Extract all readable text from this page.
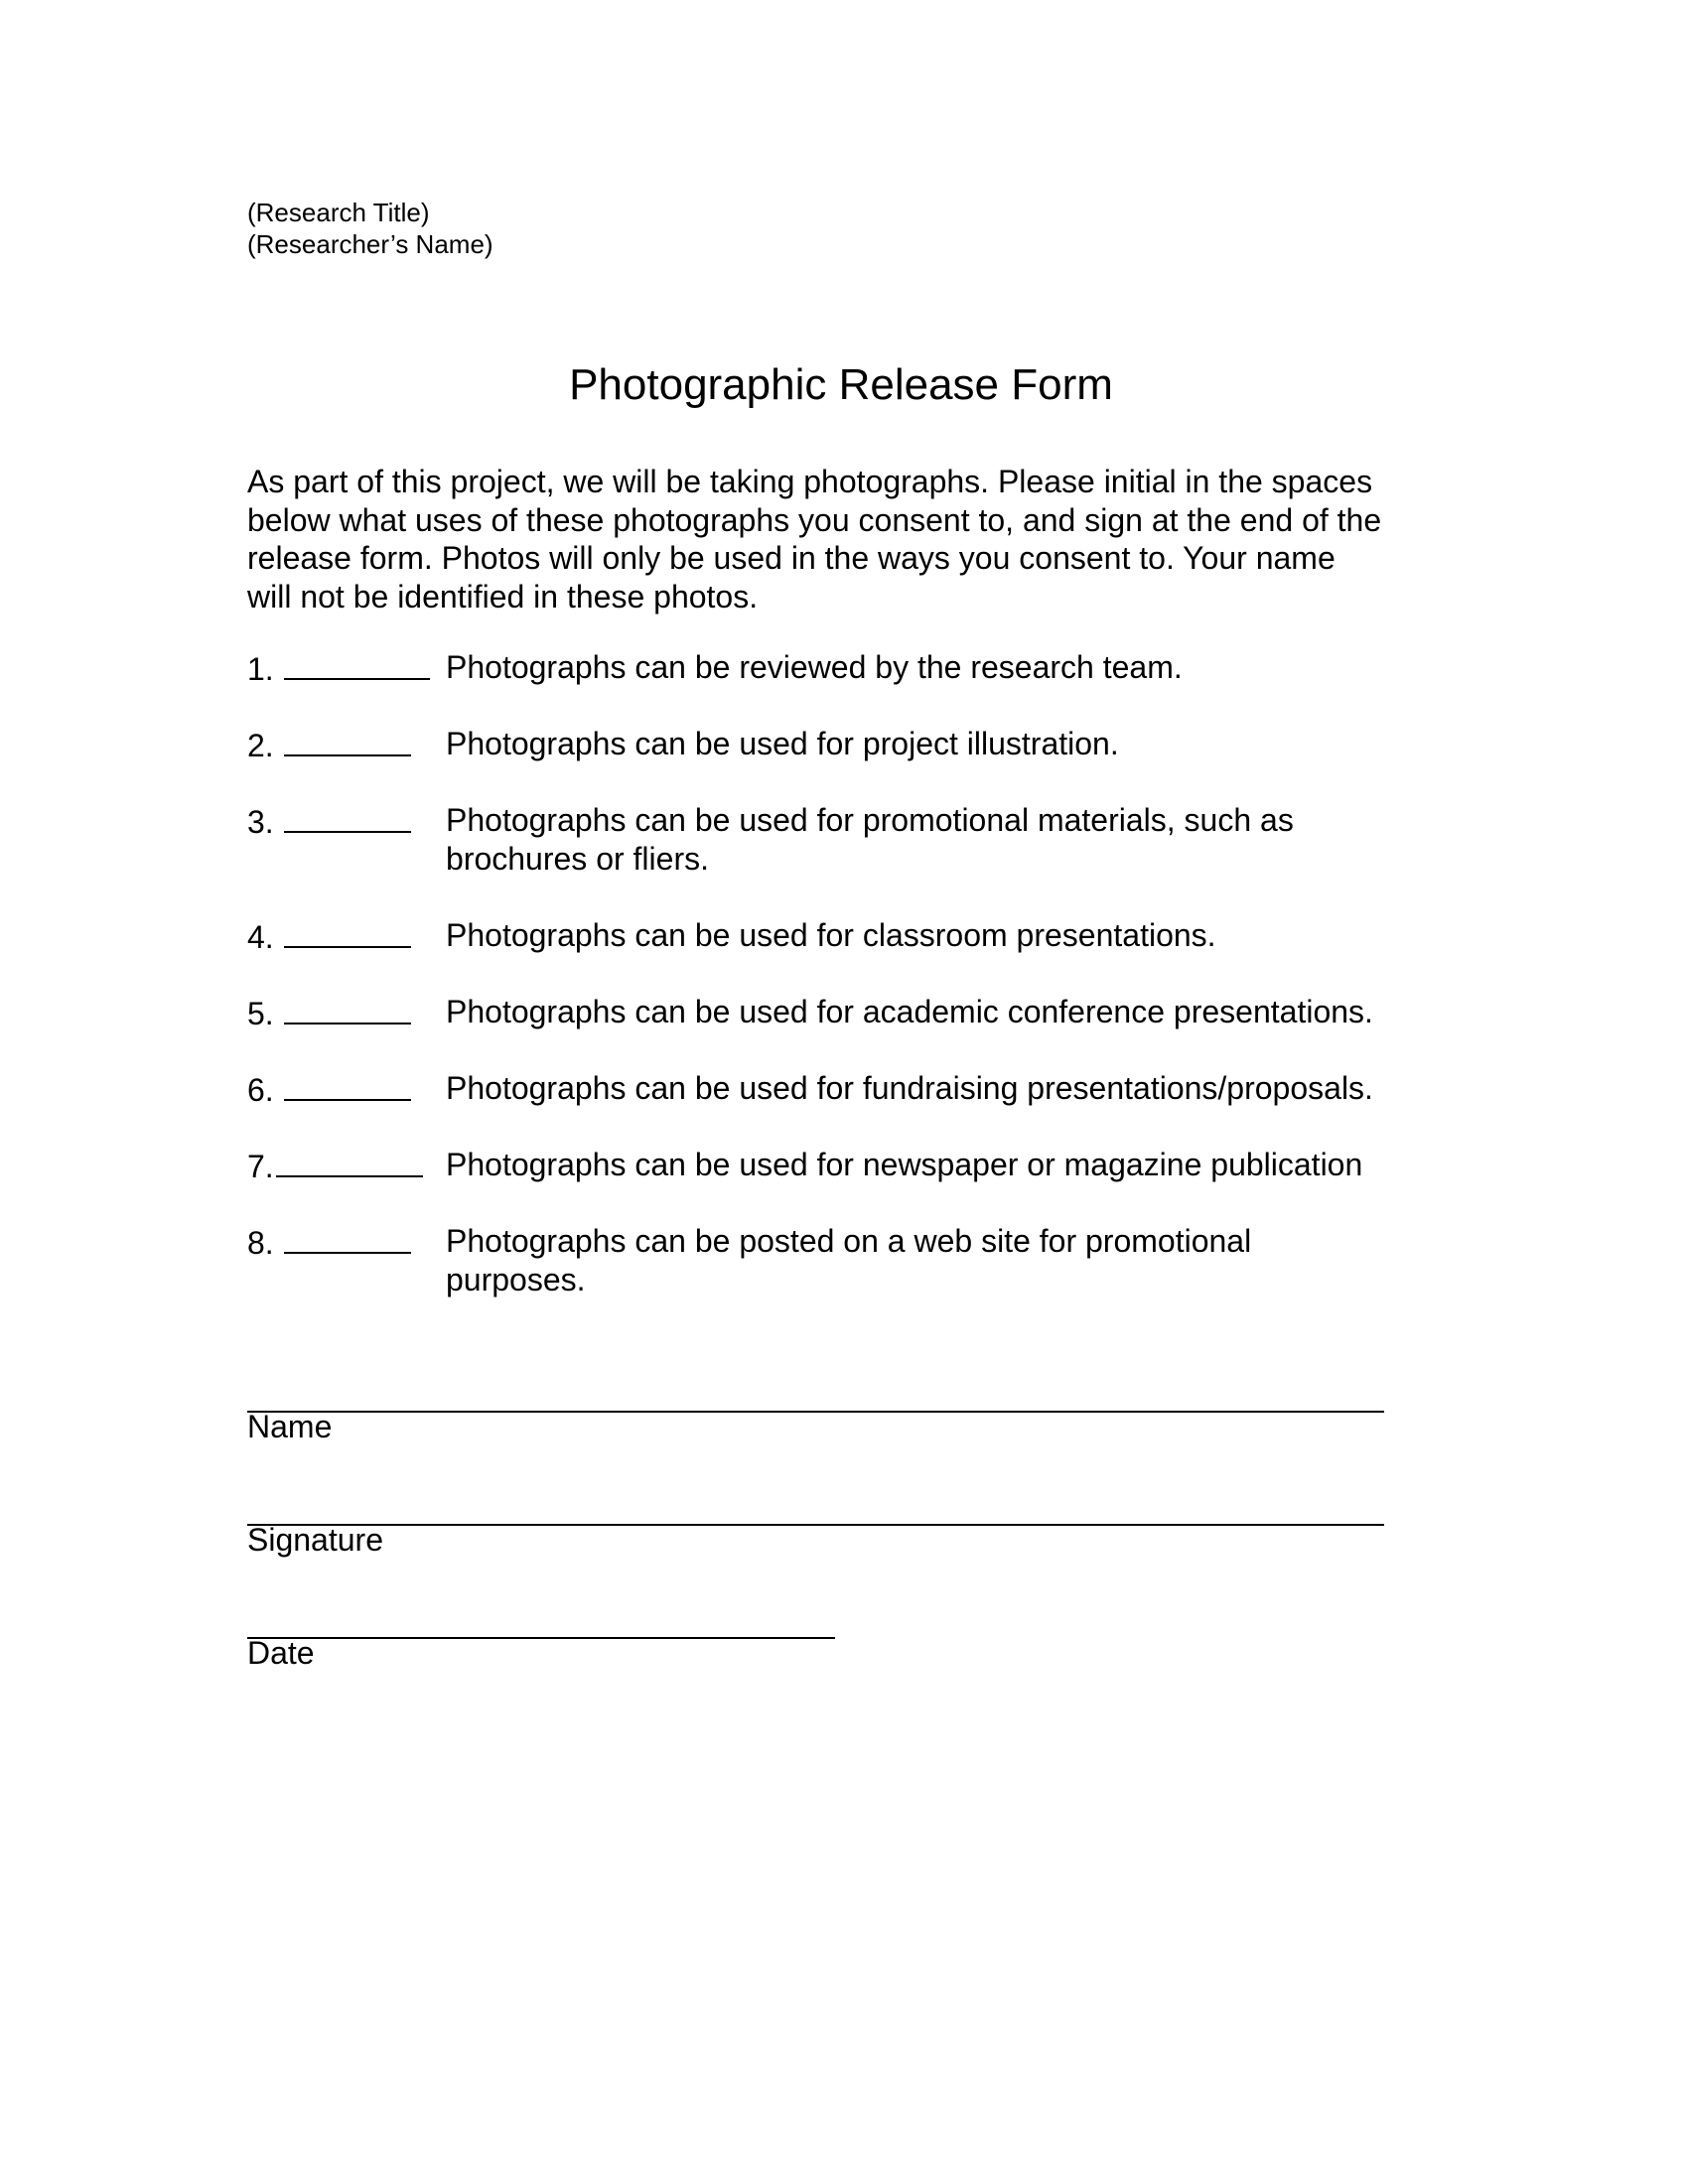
(Research Title)
(Researcher’s Name)
Photographic Release Form

As part of this project, we will be taking photographs. Please initial in the spaces
below what uses of these photographs you consent to, and sign at the end of the
release form. Photos will only be used in the ways you consent to. Your name
will not be identified in these photos.

1.	Photographs can be reviewed by the research team.
2.	Photographs can be used for project illustration.
3.	Photographs can be used for promotional materials, such as
brochures or fliers.
4.	Photographs can be used for classroom presentations.
5.	Photographs can be used for academic conference presentations.
6.	Photographs can be used for fundraising presentations/proposals.
7.	Photographs can be used for newspaper or magazine publication
8.	Photographs can be posted on a web site for promotional
purposes.
Name
Signature
Date
